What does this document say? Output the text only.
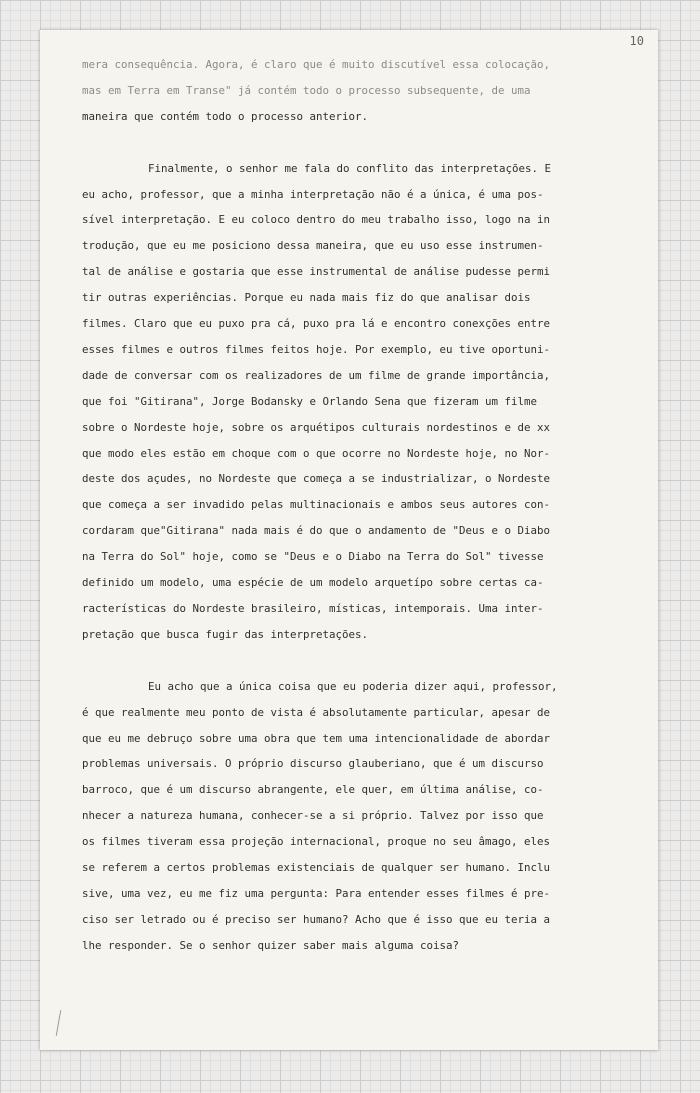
10
mera consequência. Agora, é claro que é muito discutível essa colocação,
mas em Terra em Transe" já contém todo o processo subsequente, de uma
maneira que contém todo o processo anterior.
Finalmente, o senhor me fala do conflito das interpretações. E
eu acho, professor, que a minha interpretação não é a única, é uma pos-
sível interpretação. E eu coloco dentro do meu trabalho isso, logo na in
trodução, que eu me posiciono dessa maneira, que eu uso esse instrumen-
tal de análise e gostaria que esse instrumental de análise pudesse permi
tir outras experiências. Porque eu nada mais fiz do que analisar dois
filmes. Claro que eu puxo pra cá, puxo pra lá e encontro conexções entre
esses filmes e outros filmes feitos hoje. Por exemplo, eu tive oportuni-
dade de conversar com os realizadores de um filme de grande importância,
que foi "Gitirana", Jorge Bodansky e Orlando Sena que fizeram um filme
sobre o Nordeste hoje, sobre os arquétipos culturais nordestinos e de xx
que modo eles estão em choque com o que ocorre no Nordeste hoje, no Nor-
deste dos açudes, no Nordeste que começa a se industrializar, o Nordeste
que começa a ser invadido pelas multinacionais e ambos seus autores con-
cordaram que"Gitirana" nada mais é do que o andamento de "Deus e o Diabo
na Terra do Sol" hoje, como se "Deus e o Diabo na Terra do Sol" tivesse
definido um modelo, uma espécie de um modelo arquetípo sobre certas ca-
racterísticas do Nordeste brasileiro, místicas, intemporais. Uma inter-
pretação que busca fugir das interpretações.
Eu acho que a única coisa que eu poderia dizer aqui, professor,
é que realmente meu ponto de vista é absolutamente particular, apesar de
que eu me debruço sobre uma obra que tem uma intencionalidade de abordar
problemas universais. O próprio discurso glauberiano, que é um discurso
barroco, que é um discurso abrangente, ele quer, em última análise, co-
nhecer a natureza humana, conhecer-se a si próprio. Talvez por isso que
os filmes tiveram essa projeção internacional, proque no seu âmago, eles
se referem a certos problemas existenciais de qualquer ser humano. Inclu
sive, uma vez, eu me fiz uma pergunta: Para entender esses filmes é pre-
ciso ser letrado ou é preciso ser humano? Acho que é isso que eu teria a
lhe responder. Se o senhor quizer saber mais alguma coisa?
